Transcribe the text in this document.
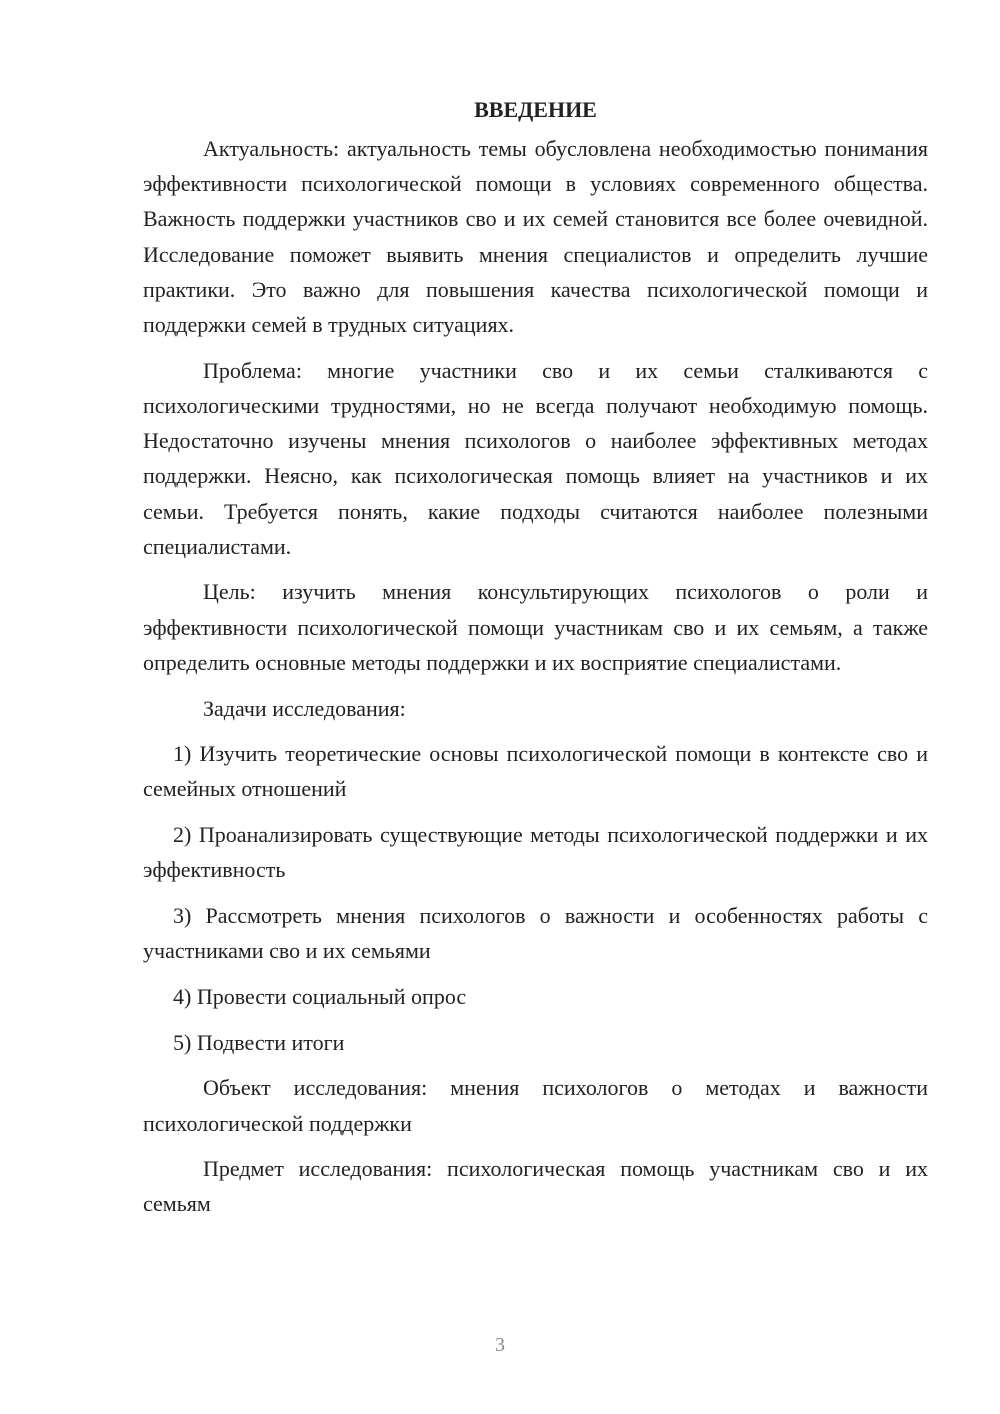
ВВЕДЕНИЕ

Актуальность: актуальность темы обусловлена необходимостью понимания эффективности психологической помощи в условиях современного общества. Важность поддержки участников сво и их семей становится все более очевидной. Исследование поможет выявить мнения специалистов и определить лучшие практики. Это важно для повышения качества психологической помощи и поддержки семей в трудных ситуациях.

Проблема: многие участники сво и их семьи сталкиваются с психологическими трудностями, но не всегда получают необходимую помощь. Недостаточно изучены мнения психологов о наиболее эффективных методах поддержки. Неясно, как психологическая помощь влияет на участников и их семьи. Требуется понять, какие подходы считаются наиболее полезными специалистами.

Цель: изучить мнения консультирующих психологов о роли и эффективности психологической помощи участникам сво и их семьям, а также определить основные методы поддержки и их восприятие специалистами.

Задачи исследования:

1) Изучить теоретические основы психологической помощи в контексте сво и семейных отношений

2) Проанализировать существующие методы психологической поддержки и их эффективность

3) Рассмотреть мнения психологов о важности и особенностях работы с участниками сво и их семьями

4) Провести социальный опрос

5) Подвести итоги

Объект исследования: мнения психологов о методах и важности психологической поддержки

Предмет исследования: психологическая помощь участникам сво и их семьям

3
